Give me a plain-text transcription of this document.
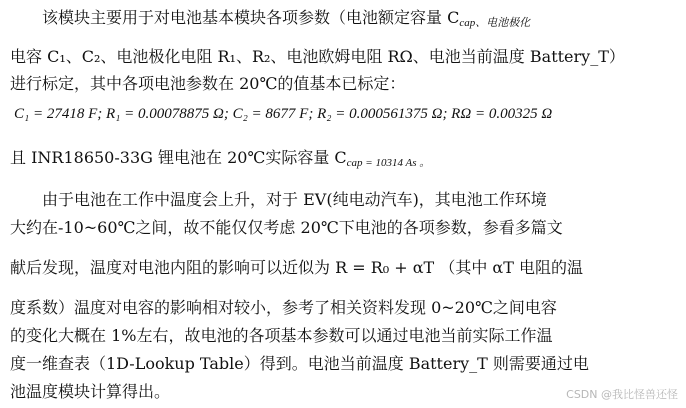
　　该模块主要用于对电池基本模块各项参数（电池额定容量 $C_{cap、电池极化}$
电容 C₁、C₂、电池极化电阻 R₁、R₂、电池欧姆电阻 RΩ、电池当前温度 Battery_T）
进行标定，其中各项电池参数在 20℃的值基本已标定：
C₁ = 27418 F; R₁ = 0.00078875 Ω; C₂ = 8677 F; R₂ = 0.000561375 Ω; RΩ = 0.00325 Ω
且 INR18650-33G 锂电池在 20℃实际容量 $C_{cap = 10314 As 。}$
　　由于电池在工作中温度会上升，对于 EV(纯电动汽车)，其电池工作环境
大约在-10~60℃之间，故不能仅仅考虑 20℃下电池的各项参数，参看多篇文
献后发现，温度对电池内阻的影响可以近似为 R = R₀ + αT （其中 αT 电阻的温
度系数）温度对电容的影响相对较小，参考了相关资料发现 0~20℃之间电容
的变化大概在 1%左右，故电池的各项基本参数可以通过电池当前实际工作温
度一维查表（1D-Lookup Table）得到。电池当前温度 Battery_T 则需要通过电
池温度模块计算得出。	CSDN @我比怪兽还怪
